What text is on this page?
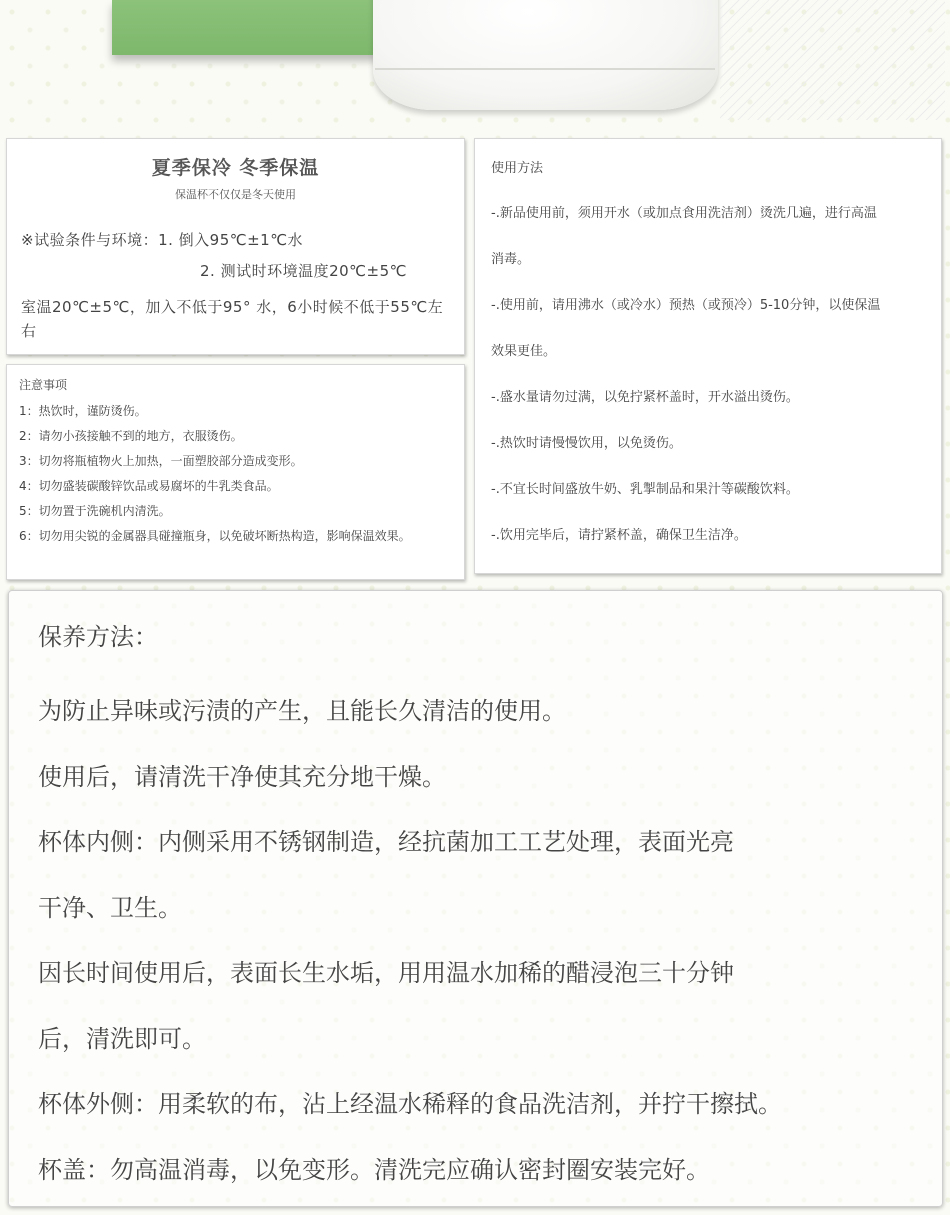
夏季保冷 冬季保温
保温杯不仅仅是冬天使用
※试验条件与环境：1. 倒入95℃±1℃水
2. 测试时环境温度20℃±5℃
室温20℃±5℃，加入不低于95° 水，6小时候不低于55℃左右
注意事项
1：热饮时，谨防烫伤。
2：请勿小孩接触不到的地方，衣服烫伤。
3：切勿将瓶植物火上加热，一面塑胶部分造成变形。
4：切勿盛装碳酸锌饮品或易腐坏的牛乳类食品。
5：切勿置于洗碗机内清洗。
6：切勿用尖锐的金属器具碰撞瓶身，以免破坏断热构造，影响保温效果。
使用方法
-.新品使用前，须用开水（或加点食用洗洁剂）烫洗几遍，进行高温
消毒。
-.使用前，请用沸水（或冷水）预热（或预冷）5-10分钟，以使保温
效果更佳。
-.盛水量请勿过满，以免拧紧杯盖时，开水溢出烫伤。
-.热饮时请慢慢饮用，以免烫伤。
-.不宜长时间盛放牛奶、乳掣制品和果汁等碳酸饮料。
-.饮用完毕后，请拧紧杯盖，确保卫生洁净。
保养方法：
为防止异味或污渍的产生，且能长久清洁的使用。
使用后，请清洗干净使其充分地干燥。
杯体内侧：内侧采用不锈钢制造，经抗菌加工工艺处理，表面光亮
干净、卫生。
因长时间使用后，表面长生水垢，用用温水加稀的醋浸泡三十分钟
后，清洗即可。
杯体外侧：用柔软的布，沾上经温水稀释的食品洗洁剂，并拧干擦拭。
杯盖：勿高温消毒，以免变形。清洗完应确认密封圈安装完好。
